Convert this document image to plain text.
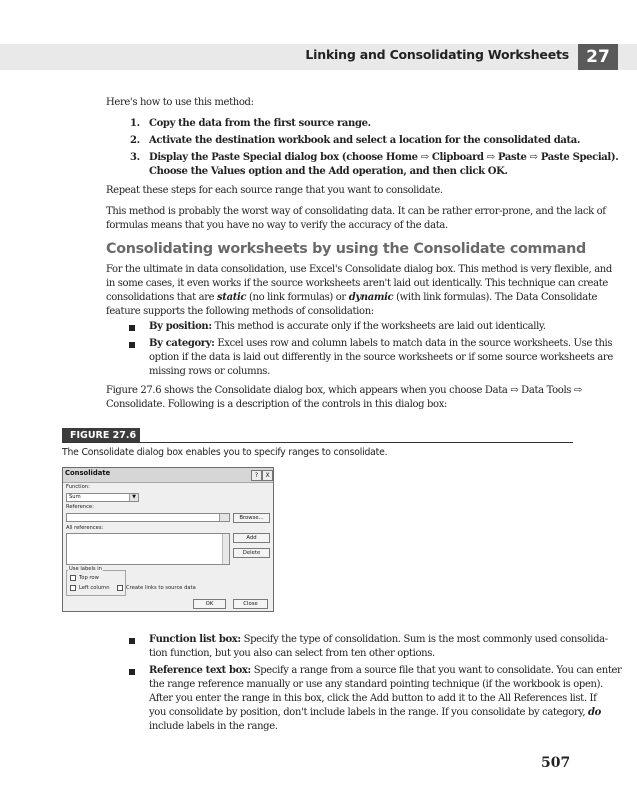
Linking and Consolidating Worksheets	27

Here's how to use this method:

1. Copy the data from the first source range.
2. Activate the destination workbook and select a location for the consolidated data.
3. Display the Paste Special dialog box (choose Home ⇨ Clipboard ⇨ Paste ⇨ Paste Special).
Choose the Values option and the Add operation, and then click OK.

Repeat these steps for each source range that you want to consolidate.

This method is probably the worst way of consolidating data. It can be rather error-prone, and the lack of

formulas means that you have no way to verify the accuracy of the data.

Consolidating worksheets by using the Consolidate command

For the ultimate in data consolidation, use Excel's Consolidate dialog box. This method is very flexible, and

in some cases, it even works if the source worksheets aren't laid out identically. This technique can create

consolidations that are static (no link formulas) or dynamic (with link formulas). The Data Consolidate

feature supports the following methods of consolidation:

By position: This method is accurate only if the worksheets are laid out identically.

By category: Excel uses row and column labels to match data in the source worksheets. Use this

option if the data is laid out differently in the source worksheets or if some source worksheets are

missing rows or columns.

Figure 27.6 shows the Consolidate dialog box, which appears when you choose Data ⇨ Data Tools ⇨

Consolidate. Following is a description of the controls in this dialog box:

FIGURE 27.6
The Consolidate dialog box enables you to specify ranges to consolidate.
Consolidate	?	X
Function:
Sum	▼
Reference:
Browse...
All references:
Add
Delete
Use labels in
Top row
Left column	Create links to source data
OK	Close

Function list box: Specify the type of consolidation. Sum is the most commonly used consolida-

tion function, but you also can select from ten other options.

Reference text box: Specify a range from a source file that you want to consolidate. You can enter

the range reference manually or use any standard pointing technique (if the workbook is open).

After you enter the range in this box, click the Add button to add it to the All References list. If

you consolidate by position, don't include labels in the range. If you consolidate by category, do

include labels in the range.

507
